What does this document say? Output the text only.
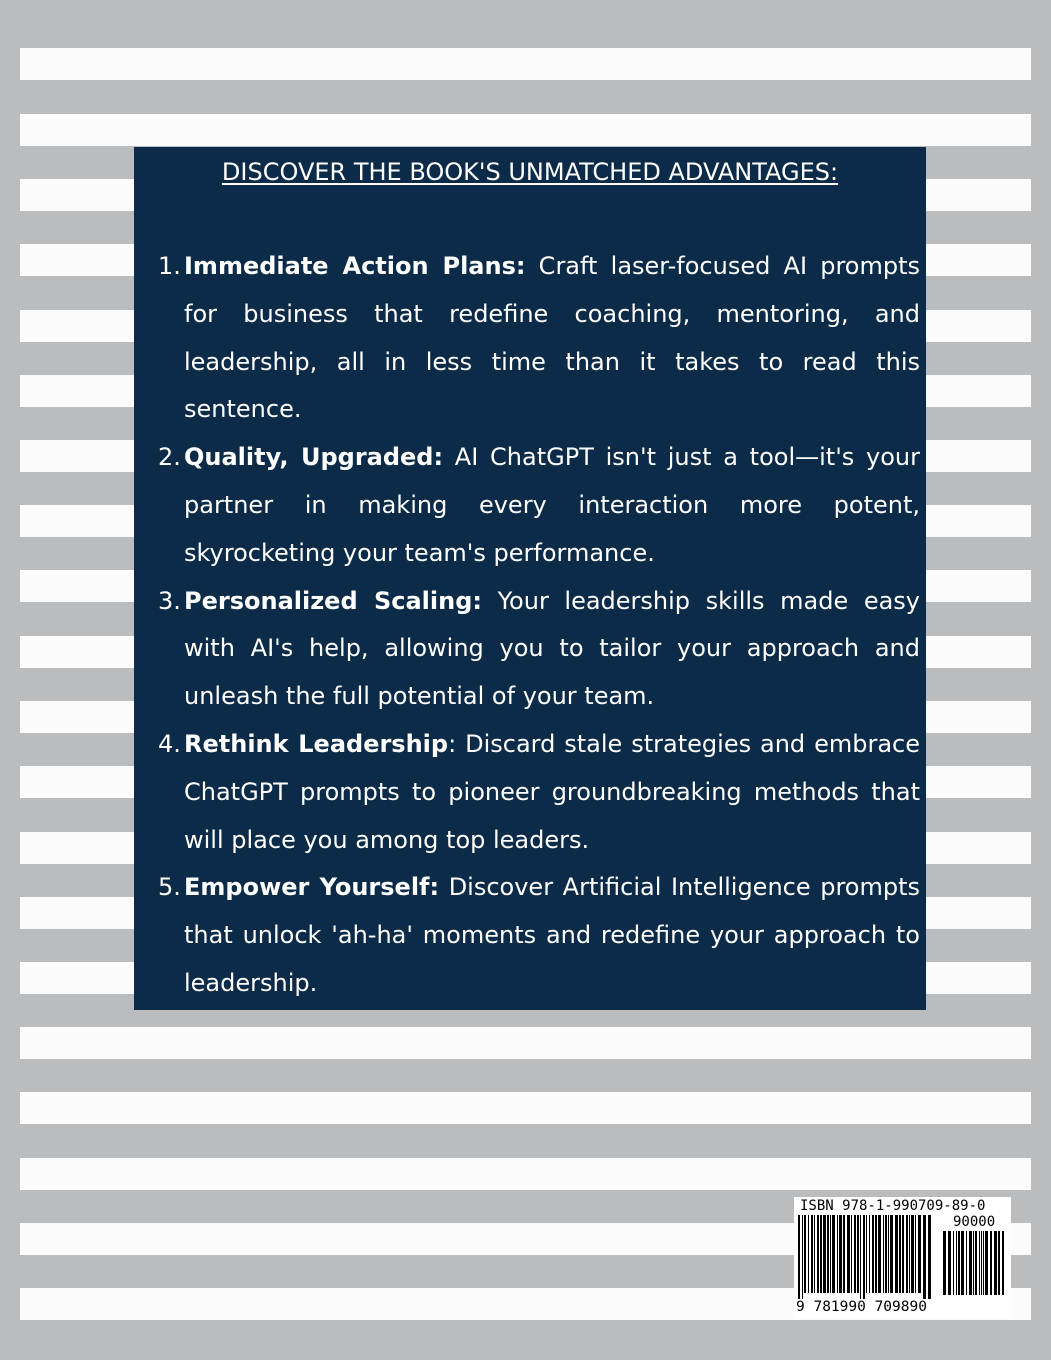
DISCOVER THE BOOK'S UNMATCHED ADVANTAGES:
1. Immediate Action Plans: Craft laser-focused AI prompts for business that redefine coaching, mentoring, and leadership, all in less time than it takes to read this sentence.
2. Quality, Upgraded: AI ChatGPT isn't just a tool—it's your partner in making every interaction more potent, skyrocketing your team's performance.
3. Personalized Scaling: Your leadership skills made easy with AI's help, allowing you to tailor your approach and unleash the full potential of your team.
4. Rethink Leadership: Discard stale strategies and embrace ChatGPT prompts to pioneer groundbreaking methods that will place you among top leaders.
5. Empower Yourself: Discover Artificial Intelligence prompts that unlock 'ah-ha' moments and redefine your approach to leadership.
ISBN 978-1-990709-89-0
90000
9 781990 709890
